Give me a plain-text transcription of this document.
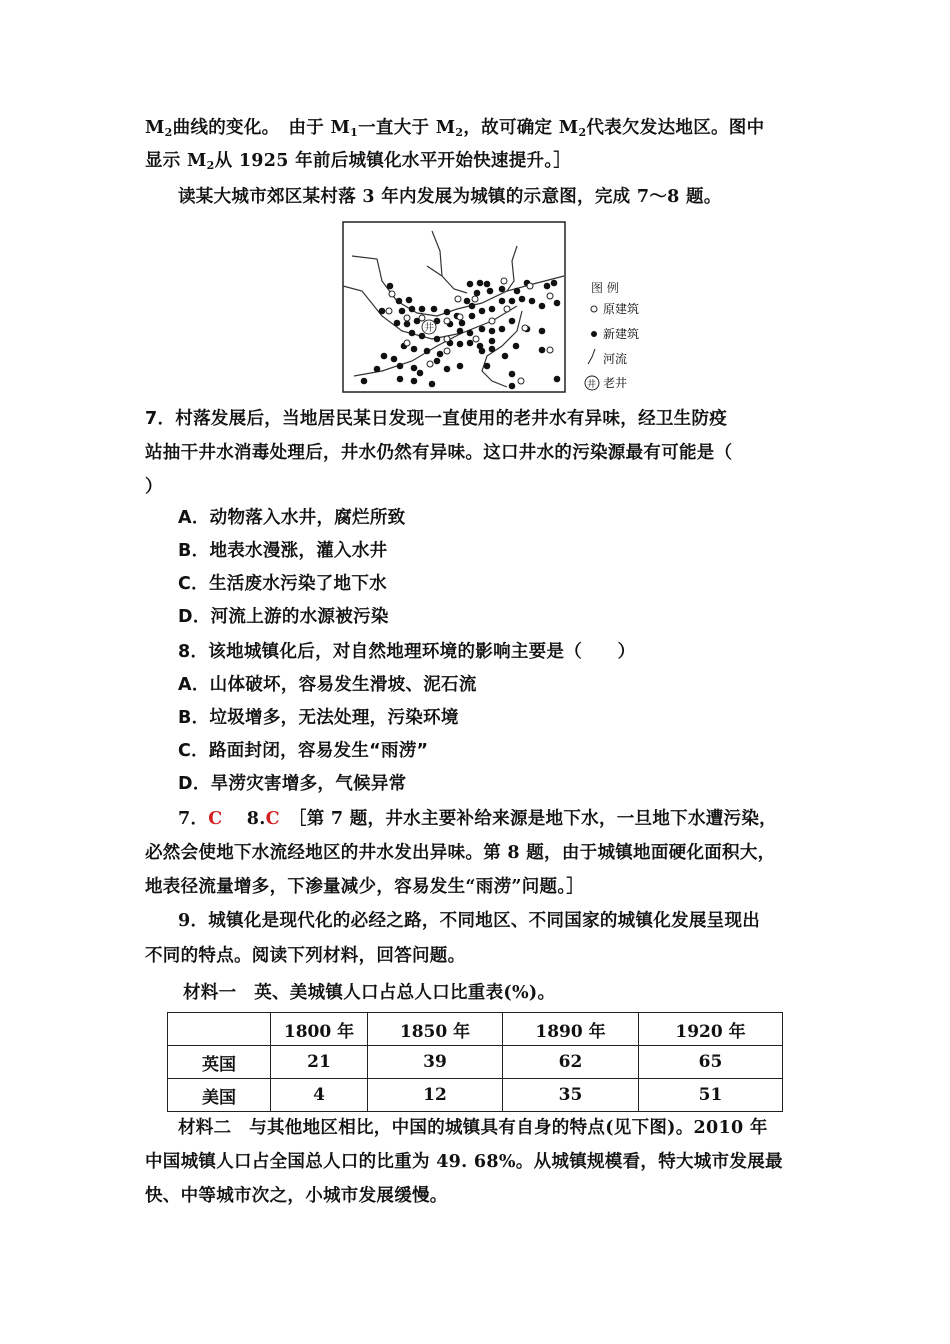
$M_2$曲线的变化。　由于 $M_1$一直大于 $M_2$，故可确定 $M_2$代表欠发达地区。图中
显示 $M_2$从 1925 年前后城镇化水平开始快速提升。］
读某大城市郊区某村落 3 年内发展为城镇的示意图，完成 7～8 题。
井
图 例
原建筑
新建筑
河流
井 老井
7．村落发展后，当地居民某日发现一直使用的老井水有异味，经卫生防疫
站抽干井水消毒处理后，井水仍然有异味。这口井水的污染源最有可能是（
）
A．动物落入水井，腐烂所致
B．地表水漫涨，灌入水井
C．生活废水污染了地下水
D．河流上游的水源被污染
8．该地城镇化后，对自然地理环境的影响主要是（　　）
A．山体破坏，容易发生滑坡、泥石流
B．垃圾增多，无法处理，污染环境
C．路面封闭，容易发生“雨涝”
D．旱涝灾害增多，气候异常
7．C　 8.C　 ［第 7 题，井水主要补给来源是地下水，一旦地下水遭污染，
必然会使地下水流经地区的井水发出异味。第 8 题，由于城镇地面硬化面积大，
地表径流量增多，下渗量减少，容易发生“雨涝”问题。］
9．城镇化是现代化的必经之路，不同地区、不同国家的城镇化发展呈现出
不同的特点。阅读下列材料，回答问题。
材料一　英、美城镇人口占总人口比重表(%)。
	1800 年	1850 年	1890 年	1920 年
英国	21	39	62	65
美国	4	12	35	51
材料二　与其他地区相比，中国的城镇具有自身的特点(见下图)。2010 年
中国城镇人口占全国总人口的比重为 49. 68%。从城镇规模看，特大城市发展最
快、中等城市次之，小城市发展缓慢。
